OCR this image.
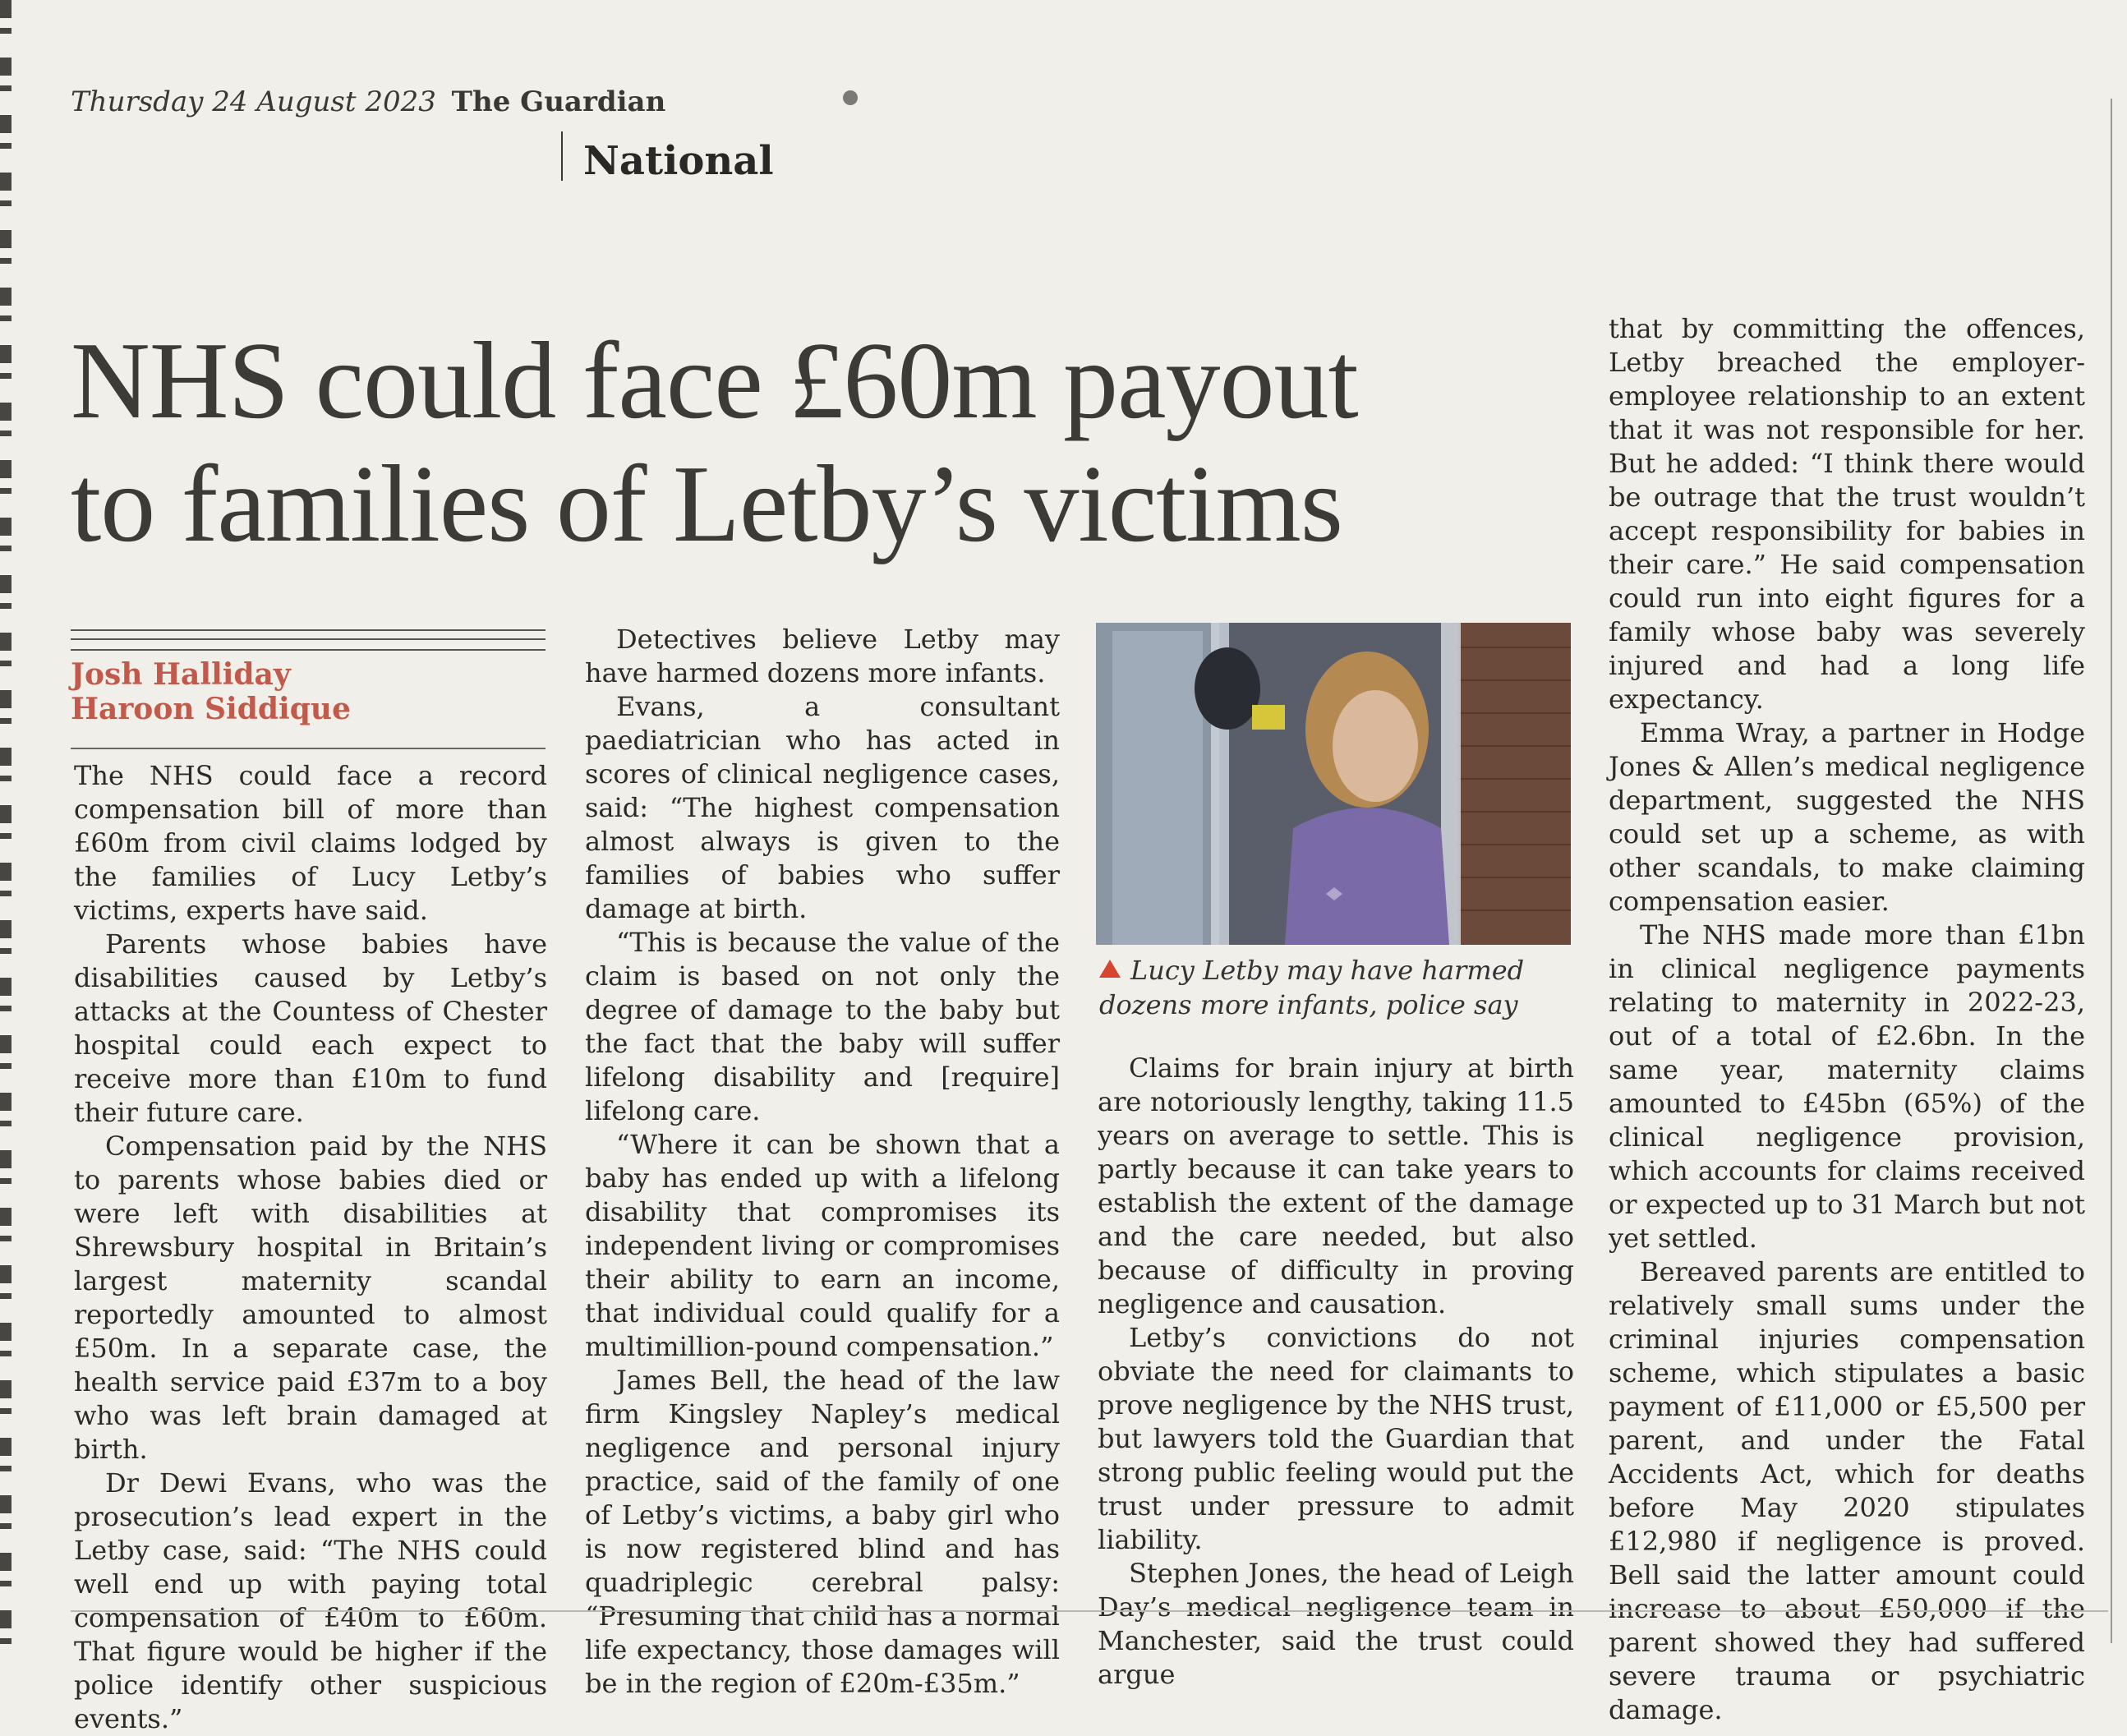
Thursday 24 August 2023 The Guardian
National
NHS could face £60m payout to families of Letby’s victims
Josh Halliday
Haroon Siddique

The NHS could face a record compensation bill of more than £60m from civil claims lodged by the families of Lucy Letby’s victims, experts have said.

Parents whose babies have disabilities caused by Letby’s attacks at the Countess of Chester hospital could each expect to receive more than £10m to fund their future care.

Compensation paid by the NHS to parents whose babies died or were left with disabilities at Shrewsbury hospital in Britain’s largest maternity scandal reportedly amounted to almost £50m. In a separate case, the health service paid £37m to a boy who was left brain damaged at birth.

Dr Dewi Evans, who was the prosecution’s lead expert in the Letby case, said: “The NHS could well end up with paying total compensation of £40m to £60m. That figure would be higher if the police identify other suspicious events.”

Detectives believe Letby may have harmed dozens more infants.

Evans, a consultant paediatrician who has acted in scores of clinical negligence cases, said: “The highest compensation almost always is given to the families of babies who suffer damage at birth.

“This is because the value of the claim is based on not only the degree of damage to the baby but the fact that the baby will suffer lifelong disability and [require] lifelong care.

“Where it can be shown that a baby has ended up with a lifelong disability that compromises its independent living or compromises their ability to earn an income, that individual could qualify for a multimillion-pound compensation.”

James Bell, the head of the law firm Kingsley Napley’s medical negligence and personal injury practice, said of the family of one of Letby’s victims, a baby girl who is now registered blind and has quadriplegic cerebral palsy: “Presuming that child has a normal life expectancy, those damages will be in the region of £20m-£35m.”

Lucy Letby may have harmed dozens more infants, police say

Claims for brain injury at birth are notoriously lengthy, taking 11.5 years on average to settle. This is partly because it can take years to establish the extent of the damage and the care needed, but also because of difficulty in proving negligence and causation.

Letby’s convictions do not obviate the need for claimants to prove negligence by the NHS trust, but lawyers told the Guardian that strong public feeling would put the trust under pressure to admit liability.

Stephen Jones, the head of Leigh Day’s medical negligence team in Manchester, said the trust could argue

that by committing the offences, Letby breached the employer-employee relationship to an extent that it was not responsible for her. But he added: “I think there would be outrage that the trust wouldn’t accept responsibility for babies in their care.” He said compensation could run into eight figures for a family whose baby was severely injured and had a long life expectancy.

Emma Wray, a partner in Hodge Jones & Allen’s medical negligence department, suggested the NHS could set up a scheme, as with other scandals, to make claiming compensation easier.

The NHS made more than £1bn in clinical negligence payments relating to maternity in 2022-23, out of a total of £2.6bn. In the same year, maternity claims amounted to £45bn (65%) of the clinical negligence provision, which accounts for claims received or expected up to 31 March but not yet settled.

Bereaved parents are entitled to relatively small sums under the criminal injuries compensation scheme, which stipulates a basic payment of £11,000 or £5,500 per parent, and under the Fatal Accidents Act, which for deaths before May 2020 stipulates £12,980 if negligence is proved. Bell said the latter amount could increase to about £50,000 if the parent showed they had suffered severe trauma or psychiatric damage.
